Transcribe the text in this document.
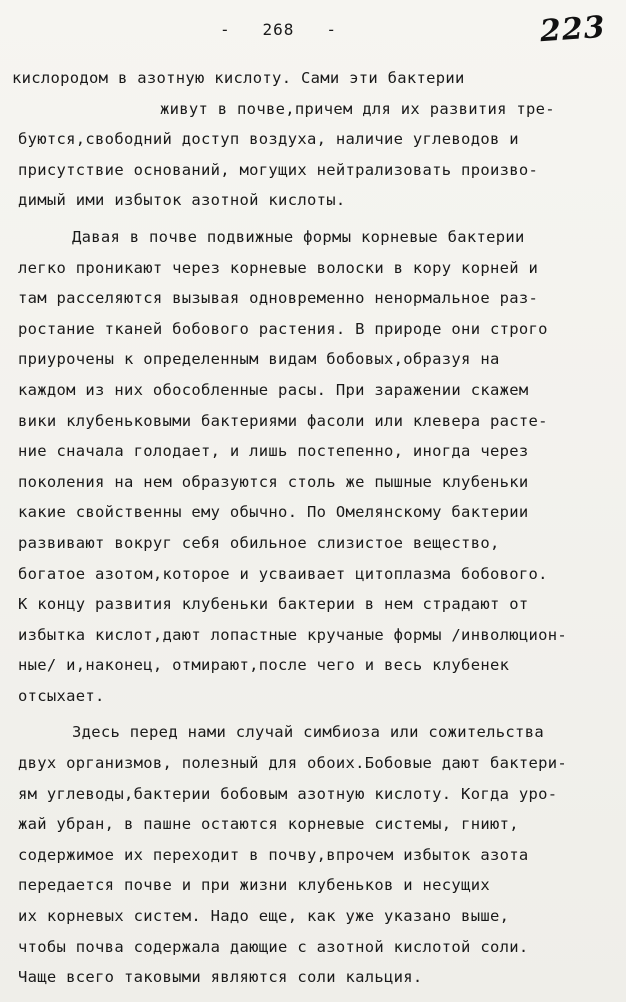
-   268   -	223
кислородом в азотную кислоту. Сами эти бактерии
живут в почве,причем для их развития тре-
буются,свободний доступ воздуха, наличие углеводов и
присутствие оснований, могущих нейтрализовать произво-
димый ими избыток азотной кислоты.
Давая в почве подвижные формы корневые бактерии
легко проникают через корневые волоски в кору корней и
там расселяются вызывая одновременно ненормальное раз-
ростание тканей бобового растения. В природе они строго
приурочены к определенным видам бобовых,образуя на
каждом из них обособленные расы. При заражении скажем
вики клубеньковыми бактериями фасоли или клевера расте-
ние сначала голодает, и лишь постепенно, иногда через
поколения на нем образуются столь же пышные клубеньки
какие свойственны ему обычно. По Омелянскому бактерии
развивают вокруг себя обильное слизистое вещество,
богатое азотом,которое и усваивает цитоплазма бобового.
К концу развития клубеньки бактерии в нем страдают от
избытка кислот,дают лопастные кручаные формы /инволюцион-
ные/ и,наконец, отмирают,после чего и весь клубенек
отсыхает.
Здесь перед нами случай симбиоза или сожительства
двух организмов, полезный для обоих.Бобовые дают бактери-
ям углеводы,бактерии бобовым азотную кислоту. Когда уро-
жай убран, в пашне остаются корневые системы, гниют,
содержимое их переходит в почву,впрочем избыток азота
передается почве и при жизни клубеньков и несущих
их корневых систем. Надо еще, как уже указано выше,
чтобы почва содержала дающие с азотной кислотой соли.
Чаще всего таковыми являются соли кальция.
